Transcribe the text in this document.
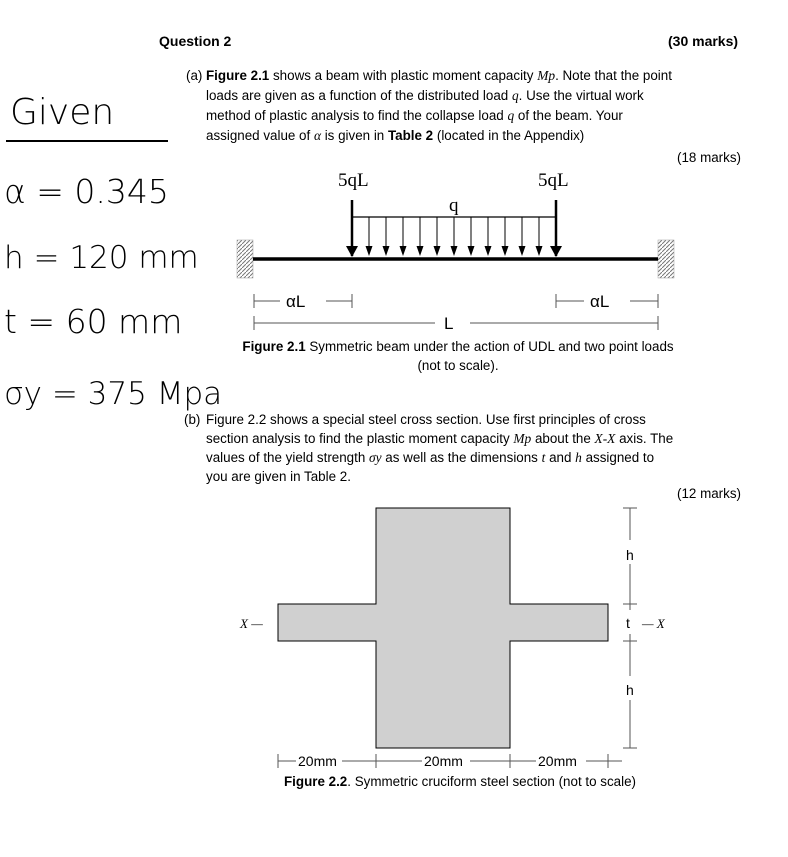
Question 2	(30 marks)
Given
α = 0.345
h = 120 mm
t = 60 mm
σy = 375 Mpa
(a) Figure 2.1 shows a beam with plastic moment capacity Mp. Note that the point
loads are given as a function of the distributed load q. Use the virtual work
method of plastic analysis to find the collapse load q of the beam. Your
assigned value of α is given in Table 2 (located in the Appendix)
(18 marks)
5qL	5qL
q
αL	αL
L
Figure 2.1 Symmetric beam under the action of UDL and two point loads
(not to scale).
(b) Figure 2.2 shows a special steel cross section. Use first principles of cross
section analysis to find the plastic moment capacity Mp about the X-X axis. The
values of the yield strength σy as well as the dimensions t and h assigned to
you are given in Table 2.
(12 marks)
X —	— X
h
t
h
20mm	20mm	20mm
Figure 2.2. Symmetric cruciform steel section (not to scale)
